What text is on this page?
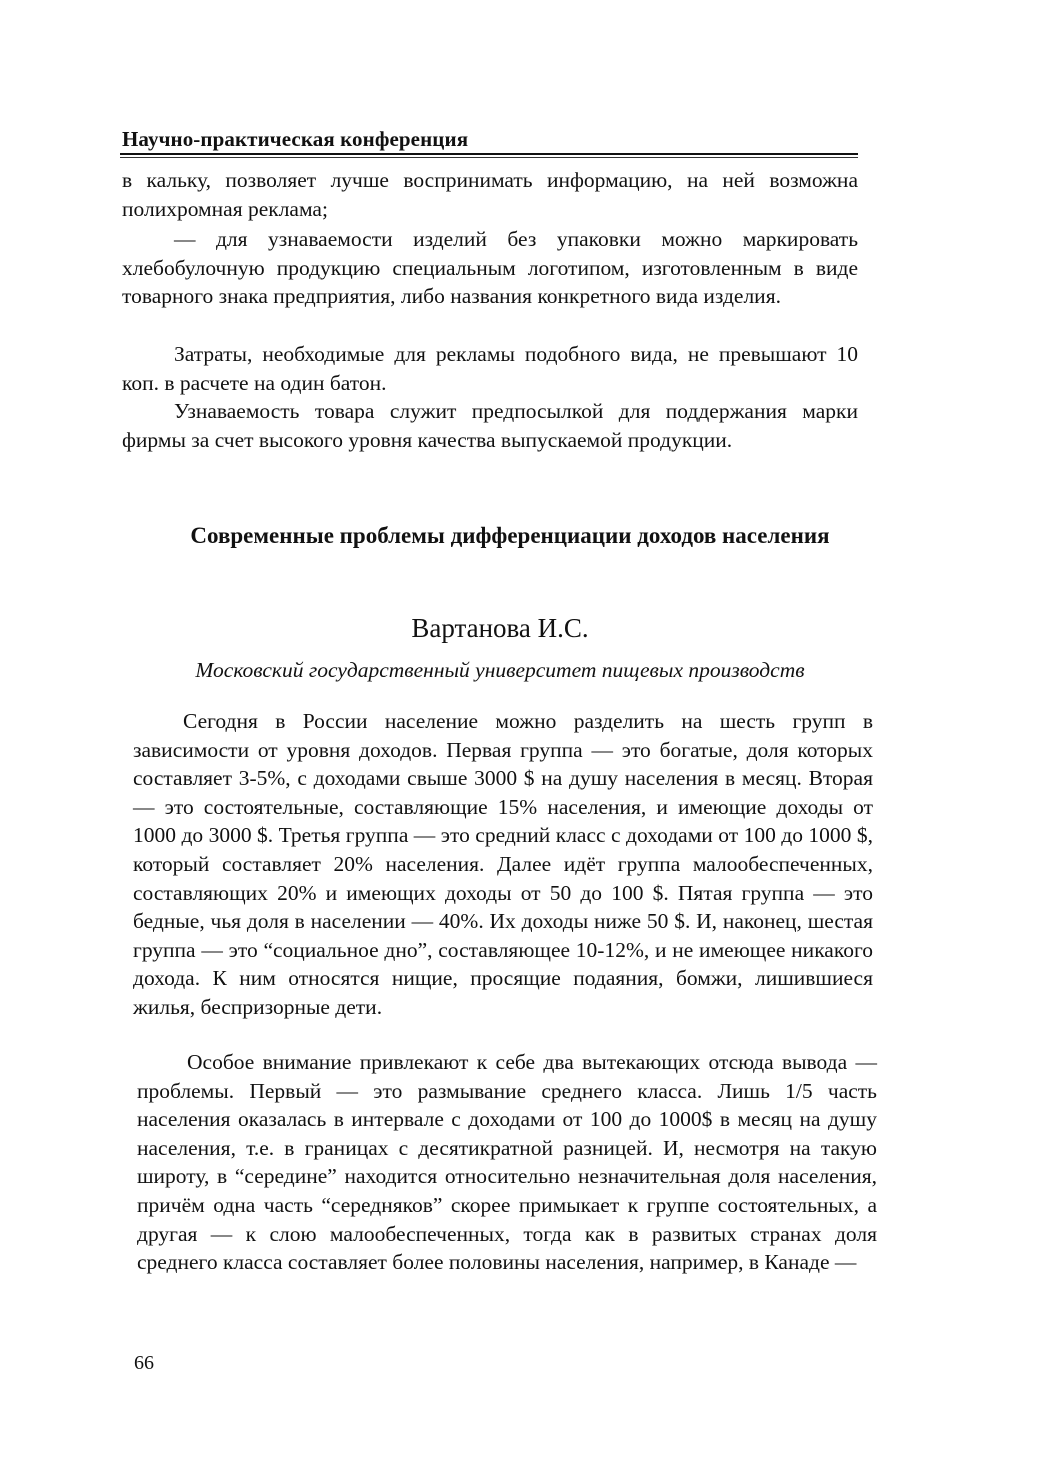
Научно-практическая конференция

в кальку, позволяет лучше воспринимать информацию, на ней возможна полихромная реклама;

— для узнаваемости изделий без упаковки можно маркировать хлебобулочную продукцию специальным логотипом, изготовленным в виде товарного знака предприятия, либо названия конкретного вида изделия.

Затраты, необходимые для рекламы подобного вида, не превышают 10 коп. в расчете на один батон.

Узнаваемость товара служит предпосылкой для поддержания марки фирмы за счет высокого уровня качества выпускаемой продукции.

Современные проблемы дифференциации доходов населения
Вартанова И.С.
Московский государственный университет пищевых производств

Сегодня в России население можно разделить на шесть групп в зависимости от уровня доходов. Первая группа — это богатые, доля которых составляет 3-5%, с доходами свыше 3000 $ на душу населения в месяц. Вторая — это состоятельные, составляющие 15% населения, и имеющие доходы от 1000 до 3000 $. Третья группа — это средний класс с доходами от 100 до 1000 $, который составляет 20% населения. Далее идёт группа малообеспеченных, составляющих 20% и имеющих доходы от 50 до 100 $. Пятая группа — это бедные, чья доля в населении — 40%. Их доходы ниже 50 $. И, наконец, шестая группа — это “социальное дно”, составляющее 10-12%, и не имеющее никакого дохода. К ним относятся нищие, просящие подаяния, бомжи, лишившиеся жилья, беспризорные дети.

Особое внимание привлекают к себе два вытекающих отсюда вывода — проблемы. Первый — это размывание среднего класса. Лишь 1/5 часть населения оказалась в интервале с доходами от 100 до 1000$ в месяц на душу населения, т.е. в границах с десятикратной разницей. И, несмотря на такую широту, в “середине” находится относительно незначительная доля населения, причём одна часть “середняков” скорее примыкает к группе состоятельных, а другая — к слою малообеспеченных, тогда как в развитых странах доля среднего класса составляет более половины населения, например, в Канаде —

66
